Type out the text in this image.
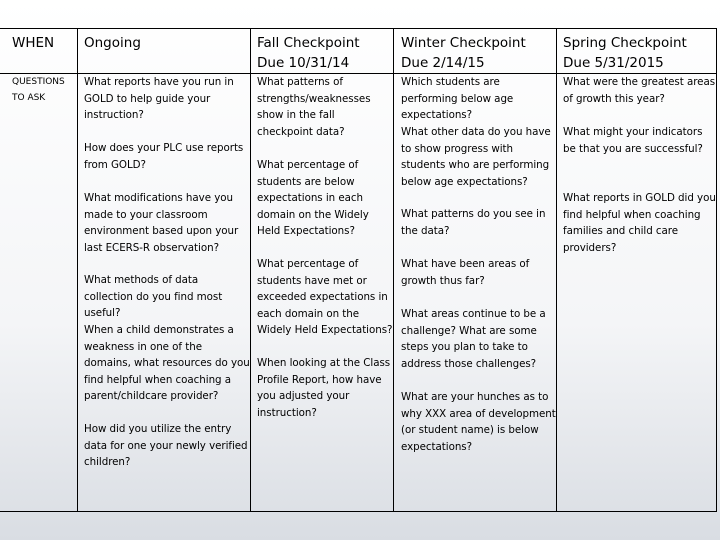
WHEN	Ongoing	Fall Checkpoint
Due 10/31/14
Winter Checkpoint
Due 2/14/15
Spring Checkpoint
Due 5/31/2015
QUESTIONS TO ASK

What reports have you run in GOLD to help guide your instruction?

How does your PLC use reports from GOLD?

What modifications have you made to your classroom environment based upon your last ECERS-R observation?

What methods of data collection do you find most useful?

When a child demonstrates a weakness in one of the domains, what resources do you find helpful when coaching a parent/childcare provider?

How did you utilize the entry data for one your newly verified children?

What patterns of strengths/weaknesses show in the fall checkpoint data?

What percentage of students are below expectations in each domain on the Widely Held Expectations?

What percentage of students have met or exceeded expectations in each domain on the Widely Held Expectations?

When looking at the Class Profile Report, how have you adjusted your instruction?

Which students are performing below age expectations?

What other data do you have to show progress with students who are performing below age expectations?

What patterns do you see in the data?

What have been areas of growth thus far?

What areas continue to be a challenge? What are some steps you plan to take to address those challenges?

What are your hunches as to why XXX area of development (or student name) is below expectations?

What were the greatest areas of growth this year?

What might your indicators be that you are successful?

What reports in GOLD did you find helpful when coaching families and child care providers?
